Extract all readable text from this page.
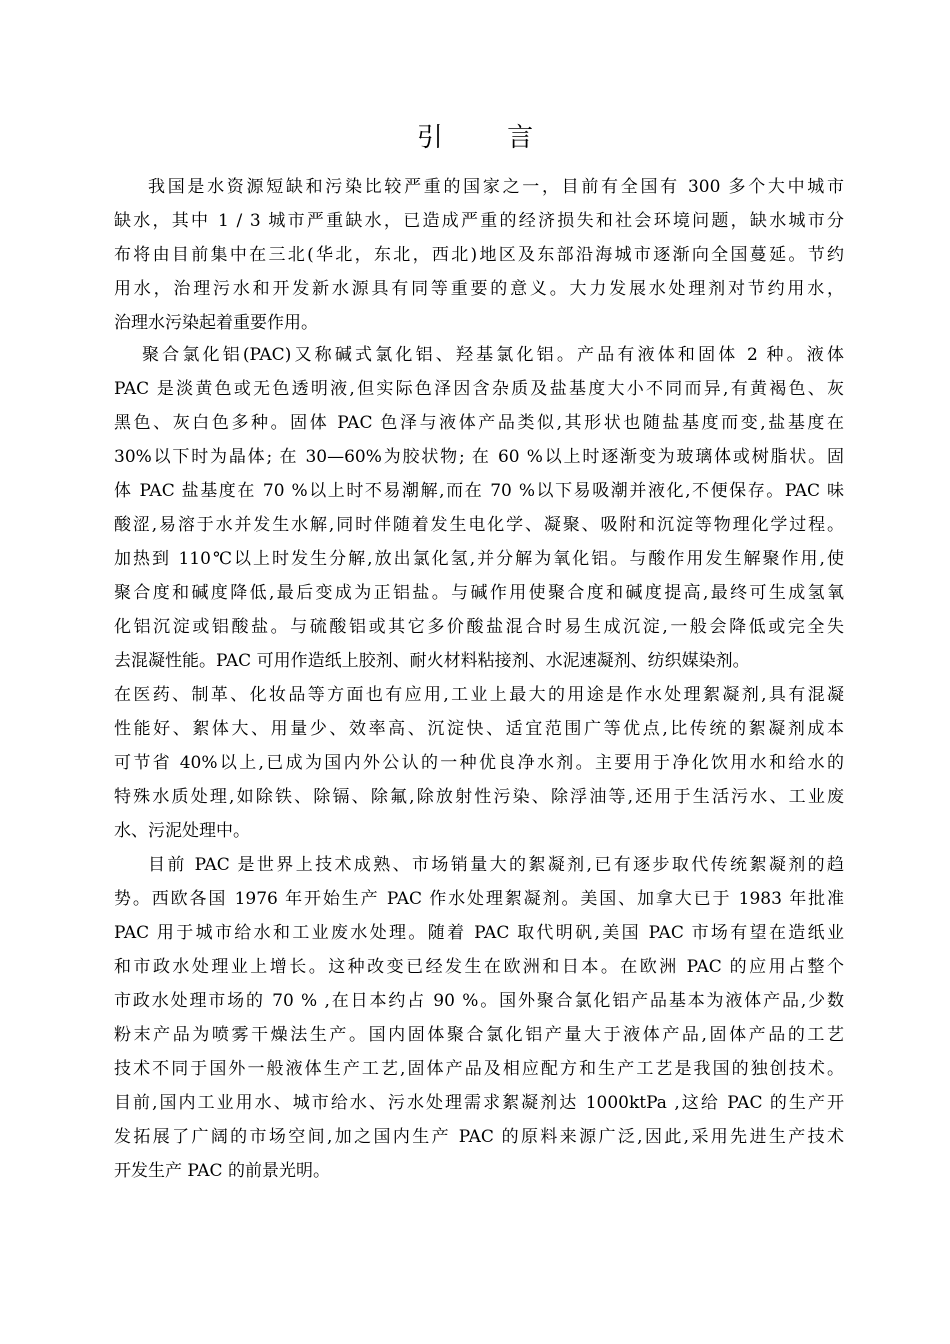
引 言
我国是水资源短缺和污染比较严重的国家之一，目前有全国有 300 多个大中城市
缺水，其中 1 / 3 城市严重缺水，已造成严重的经济损失和社会环境问题，缺水城市分
布将由目前集中在三北(华北，东北，西北)地区及东部沿海城市逐渐向全国蔓延。节约
用水，治理污水和开发新水源具有同等重要的意义。大力发展水处理剂对节约用水，
治理水污染起着重要作用。
聚合氯化铝(PAC)又称碱式氯化铝、羟基氯化铝。产品有液体和固体 2 种。液体
PAC 是淡黄色或无色透明液,但实际色泽因含杂质及盐基度大小不同而异,有黄褐色、灰
黑色、灰白色多种。固体 PAC 色泽与液体产品类似,其形状也随盐基度而变,盐基度在
30%以下时为晶体; 在 30—60%为胶状物; 在 60 %以上时逐渐变为玻璃体或树脂状。固
体 PAC 盐基度在 70 %以上时不易潮解,而在 70 %以下易吸潮并液化,不便保存。PAC 味
酸涩,易溶于水并发生水解,同时伴随着发生电化学、凝聚、吸附和沉淀等物理化学过程。
加热到 110℃以上时发生分解,放出氯化氢,并分解为氧化铝。与酸作用发生解聚作用,使
聚合度和碱度降低,最后变成为正铝盐。与碱作用使聚合度和碱度提高,最终可生成氢氧
化铝沉淀或铝酸盐。与硫酸铝或其它多价酸盐混合时易生成沉淀,一般会降低或完全失
去混凝性能。PAC 可用作造纸上胶剂、耐火材料粘接剂、水泥速凝剂、纺织媒染剂。
在医药、制革、化妆品等方面也有应用,工业上最大的用途是作水处理絮凝剂,具有混凝
性能好、絮体大、用量少、效率高、沉淀快、适宜范围广等优点,比传统的絮凝剂成本
可节省 40%以上,已成为国内外公认的一种优良净水剂。主要用于净化饮用水和给水的
特殊水质处理,如除铁、除镉、除氟,除放射性污染、除浮油等,还用于生活污水、工业废
水、污泥处理中。
目前 PAC 是世界上技术成熟、市场销量大的絮凝剂,已有逐步取代传统絮凝剂的趋
势。西欧各国 1976 年开始生产 PAC 作水处理絮凝剂。美国、加拿大已于 1983 年批准
PAC 用于城市给水和工业废水处理。随着 PAC 取代明矾,美国 PAC 市场有望在造纸业
和市政水处理业上增长。这种改变已经发生在欧洲和日本。在欧洲 PAC 的应用占整个
市政水处理市场的 70 % ,在日本约占 90 %。国外聚合氯化铝产品基本为液体产品,少数
粉末产品为喷雾干燥法生产。国内固体聚合氯化铝产量大于液体产品,固体产品的工艺
技术不同于国外一般液体生产工艺,固体产品及相应配方和生产工艺是我国的独创技术。
目前,国内工业用水、城市给水、污水处理需求絮凝剂达 1000ktPa ,这给 PAC 的生产开
发拓展了广阔的市场空间,加之国内生产 PAC 的原料来源广泛,因此,采用先进生产技术
开发生产 PAC 的前景光明。
